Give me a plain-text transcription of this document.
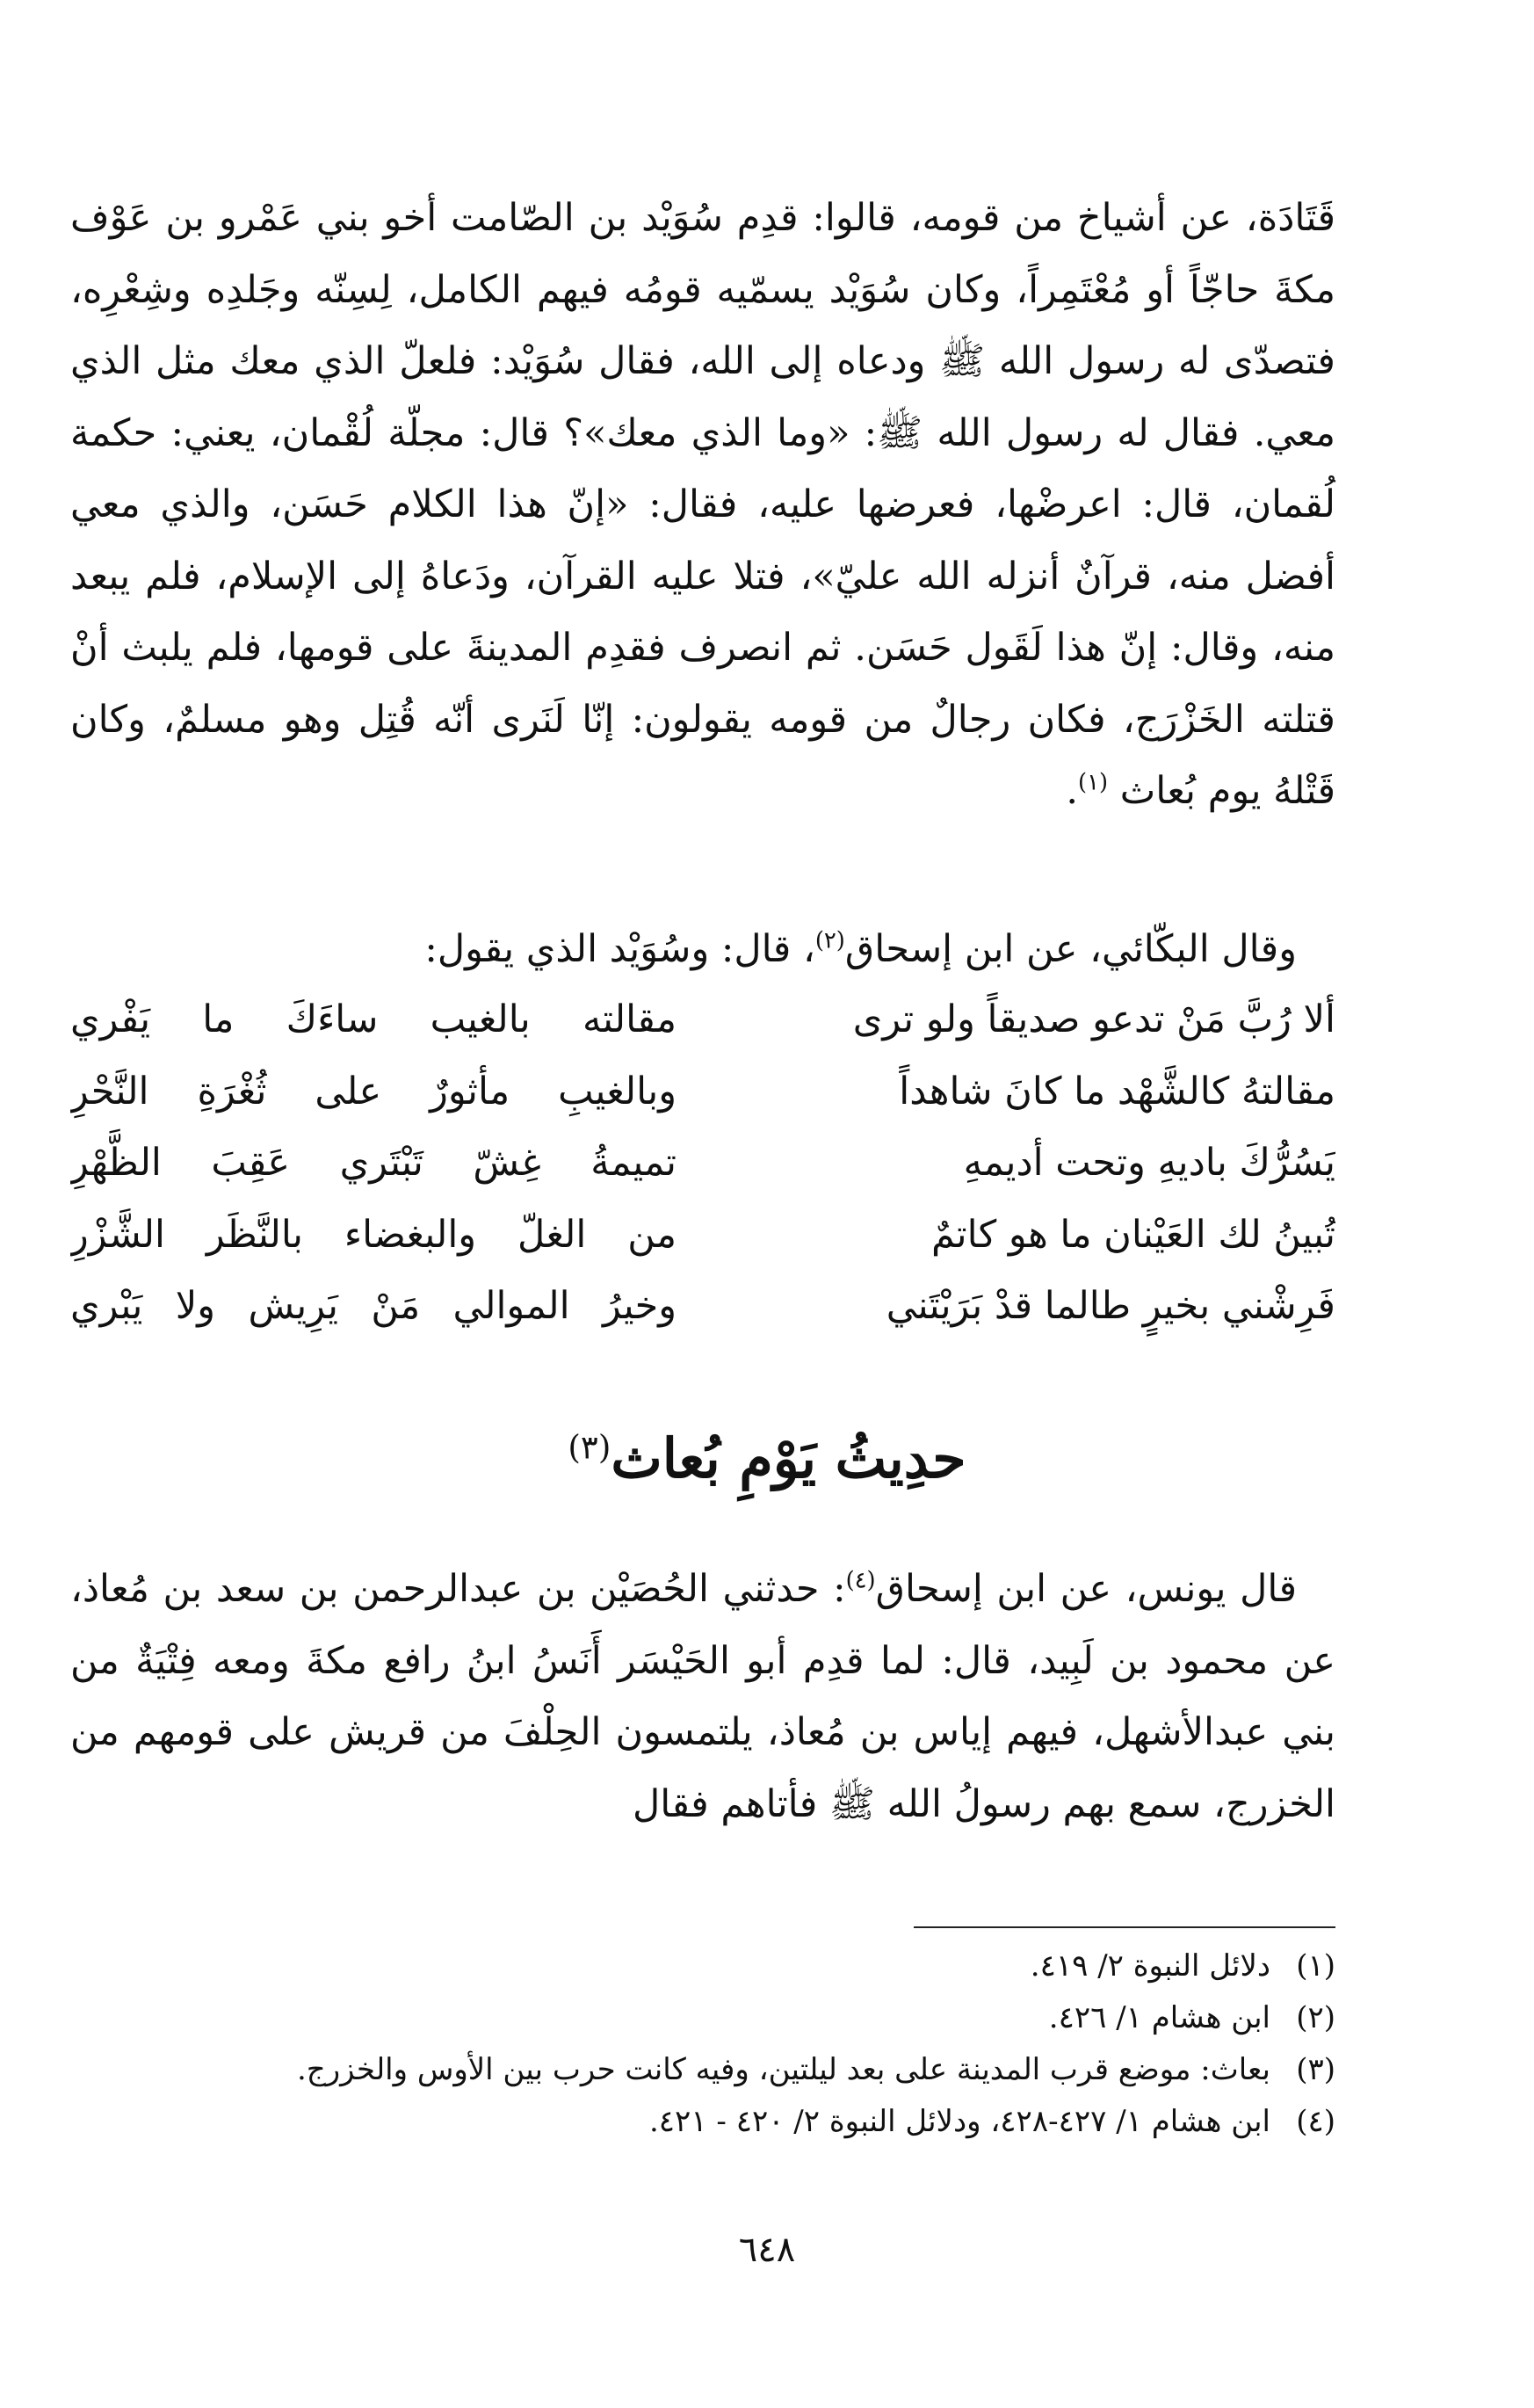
قَتَادَة، عن أشياخ من قومه، قالوا: قدِم سُوَيْد بن الصّامت أخو بني عَمْرو بن عَوْف مكةَ حاجّاً أو مُعْتَمِراً، وكان سُوَيْد يسمّيه قومُه فيهم الكامل، لِسِنّه وجَلدِه وشِعْرِه، فتصدّى له رسول الله ﷺ ودعاه إلى الله، فقال سُوَيْد: فلعلّ الذي معك مثل الذي معي. فقال له رسول الله ﷺ: «وما الذي معك»؟ قال: مجلّة لُقْمان، يعني: حكمة لُقمان، قال: اعرضْها، فعرضها عليه، فقال: «إنّ هذا الكلام حَسَن، والذي معي أفضل منه، قرآنٌ أنزله الله عليّ»، فتلا عليه القرآن، ودَعاهُ إلى الإسلام، فلم يبعد منه، وقال: إنّ هذا لَقَول حَسَن. ثم انصرف فقدِم المدينةَ على قومها، فلم يلبث أنْ قتلته الخَزْرَج، فكان رجالٌ من قومه يقولون: إنّا لَنَرى أنّه قُتِل وهو مسلمٌ، وكان قَتْلهُ يوم بُعاث $^{(١)}$.
وقال البكّائي، عن ابن إسحاق$^{(٢)}$، قال: وسُوَيْد الذي يقول:
ألا رُبَّ مَنْ تدعو صديقاً ولو ترى
مقالته بالغيب ساءَكَ ما يَفْري
مقالتهُ كالشَّهْد ما كانَ شاهداً
وبالغيبِ مأثورٌ على ثُغْرَةِ النَّحْرِ
يَسُرُّكَ باديهِ وتحت أديمهِ
تميمةُ غِشّ تَبْتَري عَقِبَ الظَّهْرِ
تُبينُ لك العَيْنان ما هو كاتمٌ
من الغلّ والبغضاء بالنَّظَر الشَّزْرِ
فَرِشْني بخيرٍ طالما قدْ بَرَيْتَني
وخيرُ الموالي مَنْ يَرِيش ولا يَبْري
حدِيثُ يَوْمِ بُعاث$^{(٣)}$
قال يونس، عن ابن إسحاق$^{(٤)}$: حدثني الحُصَيْن بن عبدالرحمن بن سعد بن مُعاذ، عن محمود بن لَبِيد، قال: لما قدِم أبو الحَيْسَر أَنَسُ ابنُ رافع مكةَ ومعه فِتْيَةٌ من بني عبدالأشهل، فيهم إياس بن مُعاذ، يلتمسون الحِلْفَ من قريش على قومهم من الخزرج، سمع بهم رسولُ الله ﷺ فأتاهم فقال
(١)دلائل النبوة ٢/ ٤١٩.
(٢)ابن هشام ١/ ٤٢٦.
(٣)بعاث: موضع قرب المدينة على بعد ليلتين، وفيه كانت حرب بين الأوس والخزرج.
(٤)ابن هشام ١/ ٤٢٧-٤٢٨، ودلائل النبوة ٢/ ٤٢٠ - ٤٢١.
٦٤٨
